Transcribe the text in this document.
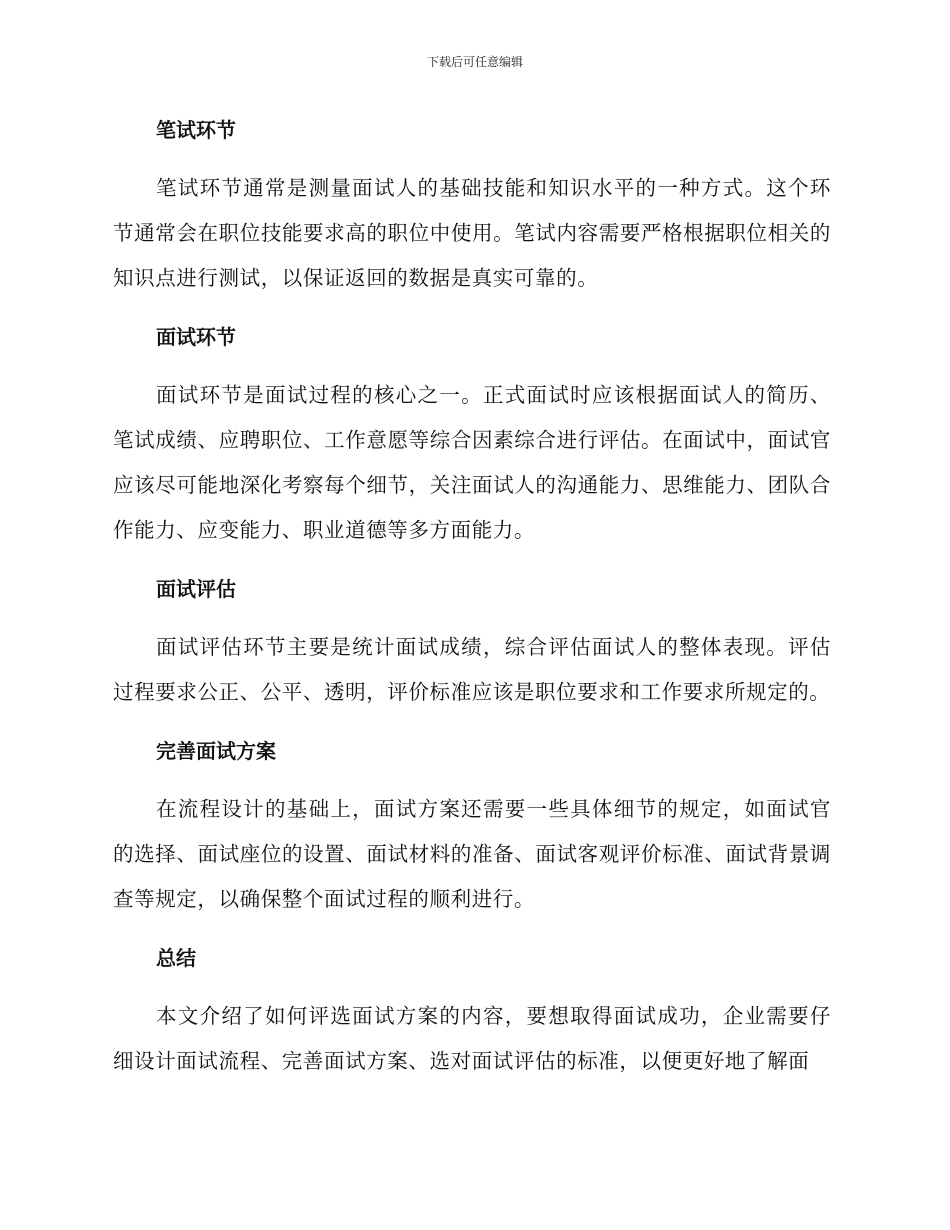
下载后可任意编辑
笔试环节

笔试环节通常是测量面试人的基础技能和知识水平的一种方式。这个环节通常会在职位技能要求高的职位中使用。笔试内容需要严格根据职位相关的知识点进行测试，以保证返回的数据是真实可靠的。

面试环节

面试环节是面试过程的核心之一。正式面试时应该根据面试人的简历、笔试成绩、应聘职位、工作意愿等综合因素综合进行评估。在面试中，面试官应该尽可能地深化考察每个细节，关注面试人的沟通能力、思维能力、团队合作能力、应变能力、职业道德等多方面能力。

面试评估

面试评估环节主要是统计面试成绩，综合评估面试人的整体表现。评估过程要求公正、公平、透明，评价标准应该是职位要求和工作要求所规定的。

完善面试方案

在流程设计的基础上，面试方案还需要一些具体细节的规定，如面试官的选择、面试座位的设置、面试材料的准备、面试客观评价标准、面试背景调查等规定，以确保整个面试过程的顺利进行。

总结

本文介绍了如何评选面试方案的内容，要想取得面试成功，企业需要仔细设计面试流程、完善面试方案、选对面试评估的标准，以便更好地了解面
